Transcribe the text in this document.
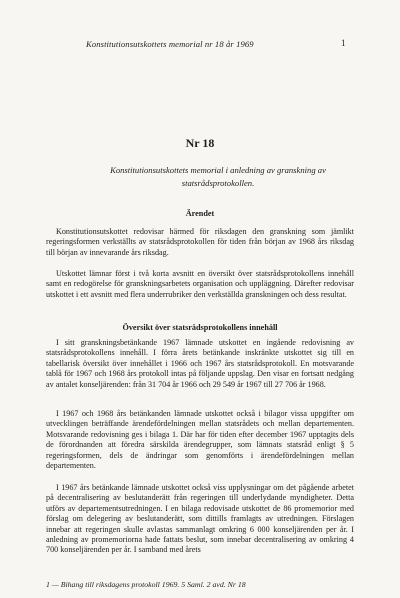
Konstitutionsutskottets memorial nr 18 år 1969	1
Nr 18
Konstitutionsutskottets memorial i anledning av granskning av statsrådsprotokollen.
Ärendet
Konstitutionsutskottet redovisar härmed för riksdagen den granskning som jämlikt regeringsformen verkställts av statsrådsprotokollen för tiden från början av 1968 års riksdag till början av innevarande års riksdag.
Utskottet lämnar först i två korta avsnitt en översikt över statsrådsprotokollens innehåll samt en redogörelse för granskningsarbetets organisation och uppläggning. Därefter redovisar utskottet i ett avsnitt med flera underrubriker den verkställda granskningen och dess resultat.
Översikt över statsrådsprotokollens innehåll
I sitt granskningsbetänkande 1967 lämnade utskottet en ingående redovisning av statsrådsprotokollens innehåll. I förra årets betänkande inskränkte utskottet sig till en tabellarisk översikt över innehållet i 1966 och 1967 års statsrådsprotokoll. En motsvarande tablå för 1967 och 1968 års protokoll intas på följande uppslag. Den visar en fortsatt nedgång av antalet konseljärenden: från 31 704 år 1966 och 29 549 år 1967 till 27 706 år 1968.
I 1967 och 1968 års betänkanden lämnade utskottet också i bilagor vissa uppgifter om utvecklingen beträffande ärendefördelningen mellan statsrådets och mellan departementen. Motsvarande redovisning ges i bilaga 1. Där har för tiden efter december 1967 upptagits dels de förordnanden att föredra särskilda ärendegrupper, som lämnats statsråd enligt § 5 regeringsformen, dels de ändringar som genomförts i ärendefördelningen mellan departementen.
I 1967 års betänkande lämnade utskottet också viss upplysningar om det pågående arbetet på decentralisering av beslutanderätt från regeringen till underlydande myndigheter. Detta utförs av departementsutredningen. I en bilaga redovisade utskottet de 86 promemorior med förslag om delegering av beslutanderätt, som dittills framlagts av utredningen. Förslagen innebar att regeringen skulle avlastas sammanlagt omkring 6 000 konseljärenden per år. I anledning av promemoriorna hade fattats beslut, som innebar decentralisering av omkring 4 700 konseljärenden per år. I samband med årets
1 — Bihang till riksdagens protokoll 1969. 5 Saml. 2 avd. Nr 18
